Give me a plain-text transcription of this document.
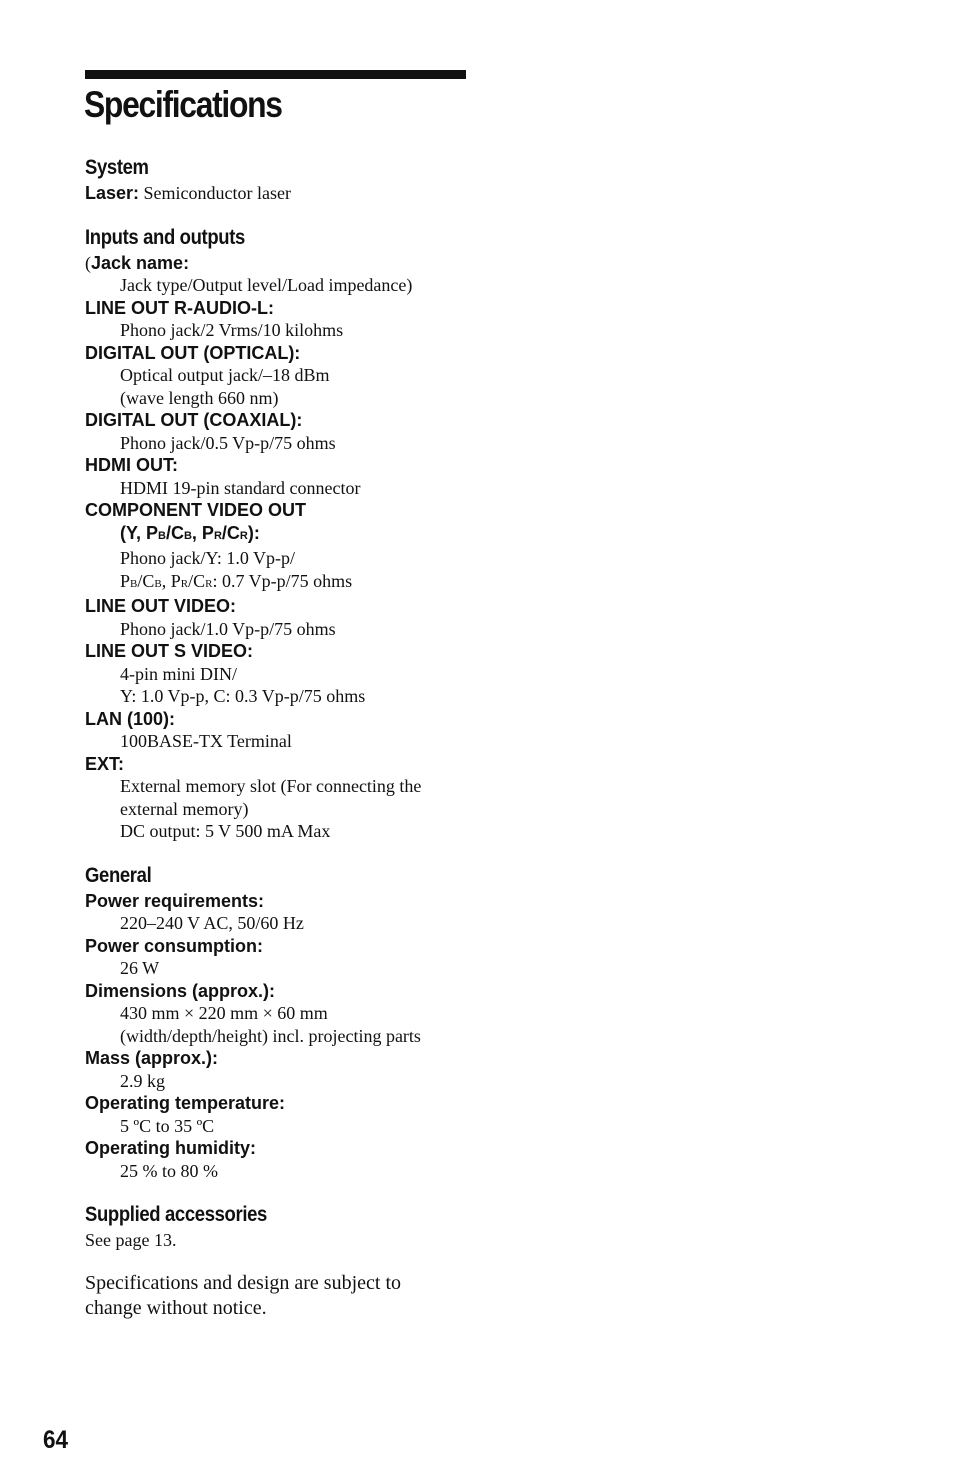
Specifications
System
Laser: Semiconductor laser
Inputs and outputs
(Jack name:
Jack type/Output level/Load impedance)
LINE OUT R-AUDIO-L:
Phono jack/2 Vrms/10 kilohms
DIGITAL OUT (OPTICAL):
Optical output jack/–18 dBm
(wave length 660 nm)
DIGITAL OUT (COAXIAL):
Phono jack/0.5 Vp-p/75 ohms
HDMI OUT:
HDMI 19-pin standard connector
COMPONENT VIDEO OUT
(Y, PB/CB, PR/CR):
Phono jack/Y: 1.0 Vp-p/
PB/CB, PR/CR: 0.7 Vp-p/75 ohms
LINE OUT VIDEO:
Phono jack/1.0 Vp-p/75 ohms
LINE OUT S VIDEO:
4-pin mini DIN/
Y: 1.0 Vp-p, C: 0.3 Vp-p/75 ohms
LAN (100):
100BASE-TX Terminal
EXT:
External memory slot (For connecting the
external memory)
DC output: 5 V 500 mA Max
General
Power requirements:
220–240 V AC, 50/60 Hz
Power consumption:
26 W
Dimensions (approx.):
430 mm × 220 mm × 60 mm
(width/depth/height) incl. projecting parts
Mass (approx.):
2.9 kg
Operating temperature:
5 ºC to 35 ºC
Operating humidity:
25 % to 80 %
Supplied accessories
See page 13.
Specifications and design are subject to
change without notice.
64
